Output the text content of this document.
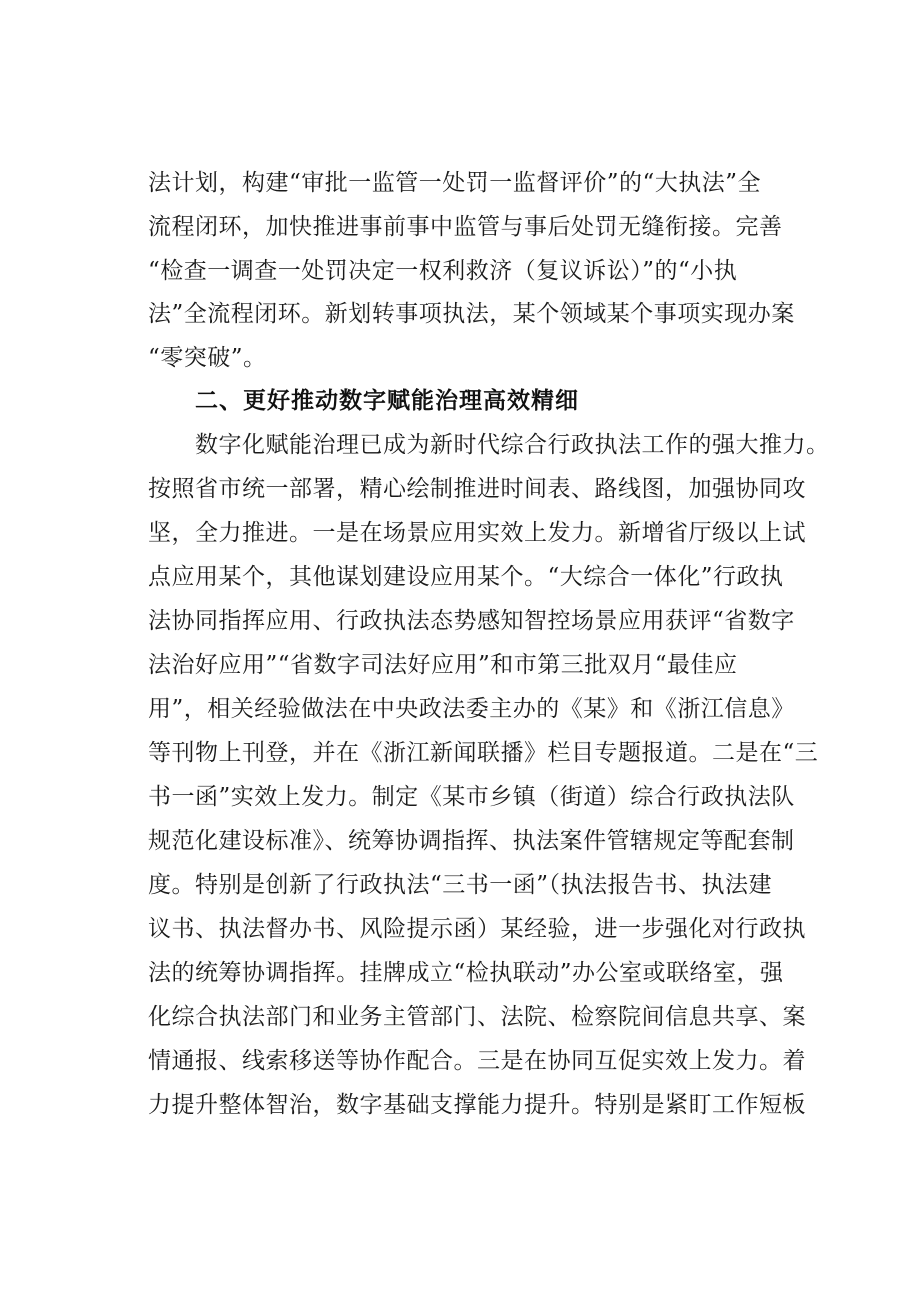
法计划，构建“审批一监管一处罚一监督评价”的“大执法”全
流程闭环，加快推进事前事中监管与事后处罚无缝衔接。完善
“检查一调查一处罚决定一权利救济（复议诉讼）”的“小执
法”全流程闭环。新划转事项执法，某个领域某个事项实现办案
“零突破”。
二、更好推动数字赋能治理高效精细
数字化赋能治理已成为新时代综合行政执法工作的强大推力。
按照省市统一部署，精心绘制推进时间表、路线图，加强协同攻
坚，全力推进。一是在场景应用实效上发力。新增省厅级以上试
点应用某个，其他谋划建设应用某个。“大综合一体化”行政执
法协同指挥应用、行政执法态势感知智控场景应用获评“省数字
法治好应用”“省数字司法好应用”和市第三批双月“最佳应
用”，相关经验做法在中央政法委主办的《某》和《浙江信息》
等刊物上刊登，并在《浙江新闻联播》栏目专题报道。二是在“三
书一函”实效上发力。制定《某市乡镇（街道）综合行政执法队
规范化建设标准》、统筹协调指挥、执法案件管辖规定等配套制
度。特别是创新了行政执法“三书一函”（执法报告书、执法建
议书、执法督办书、风险提示函）某经验，进一步强化对行政执
法的统筹协调指挥。挂牌成立“检执联动”办公室或联络室，强
化综合执法部门和业务主管部门、法院、检察院间信息共享、案
情通报、线索移送等协作配合。三是在协同互促实效上发力。着
力提升整体智治，数字基础支撑能力提升。特别是紧盯工作短板
